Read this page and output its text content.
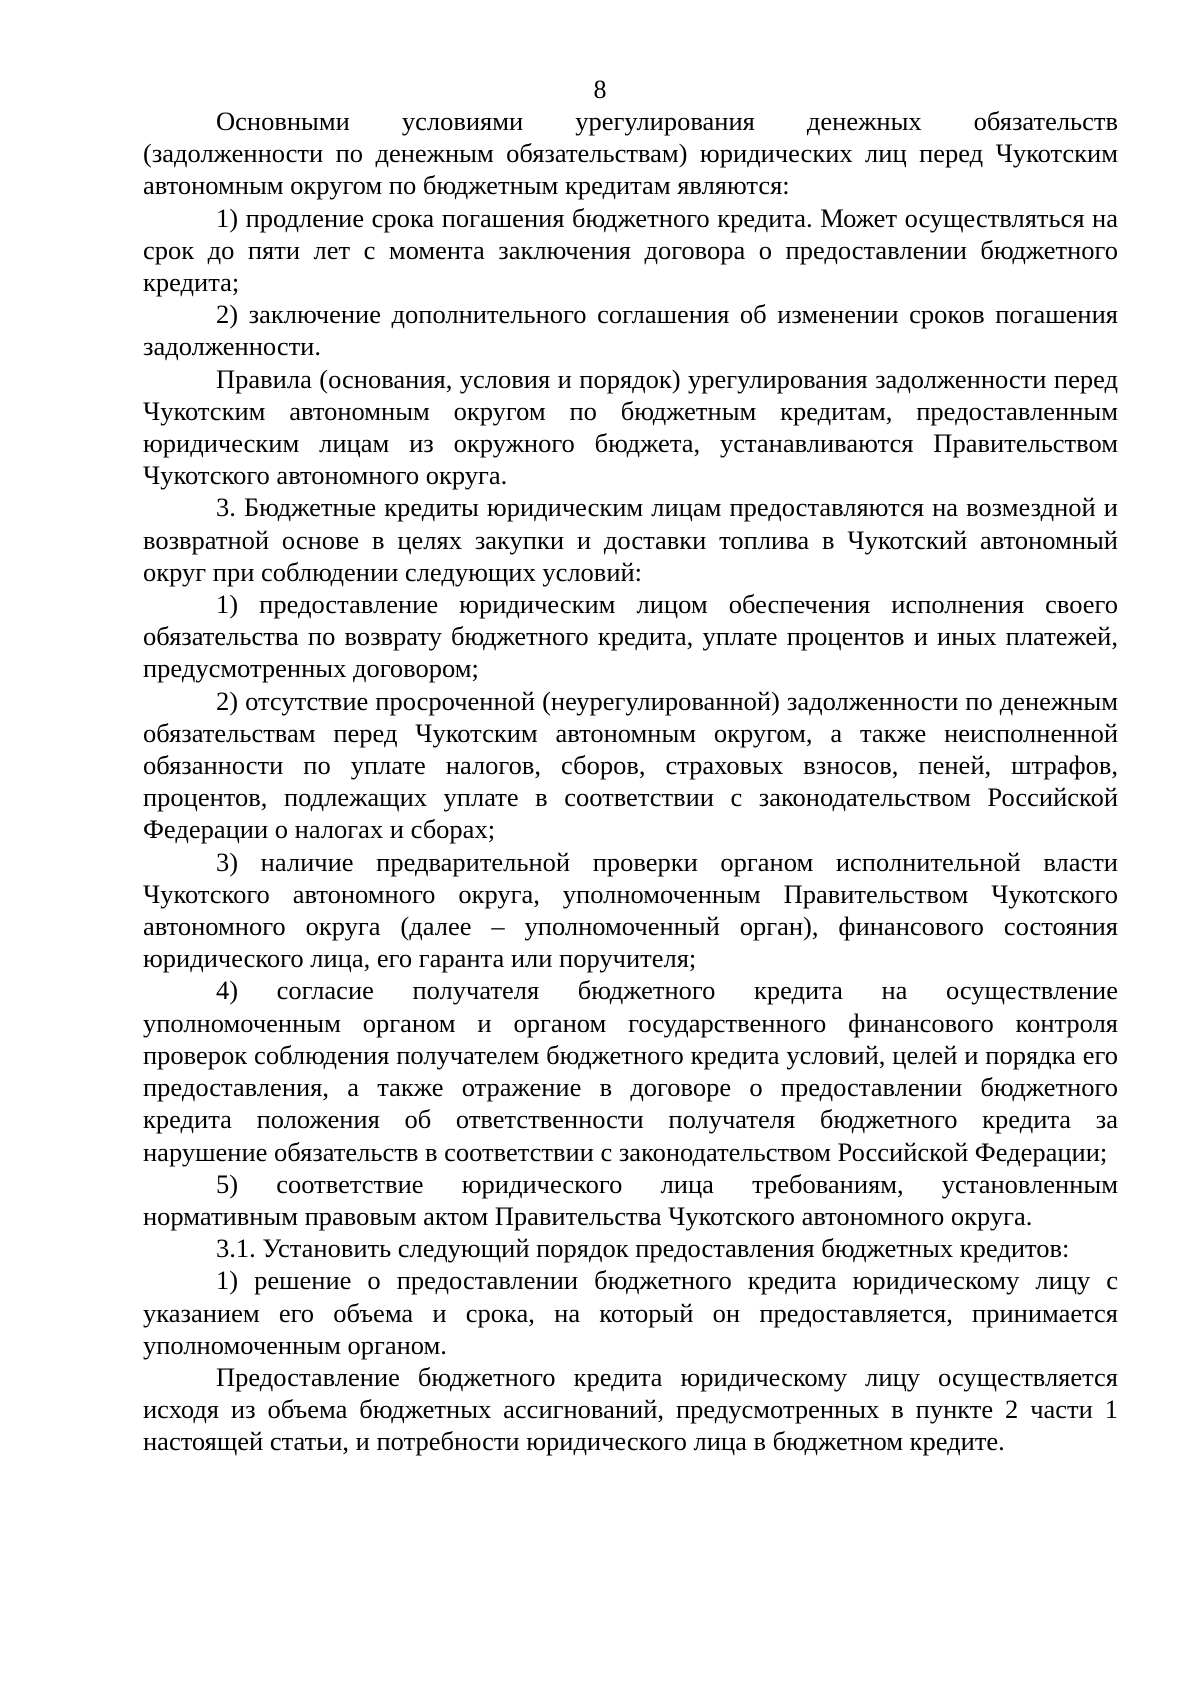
8

Основными условиями урегулирования денежных обязательств (задолженности по денежным обязательствам) юридических лиц перед Чукотским автономным округом по бюджетным кредитам являются:

1) продление срока погашения бюджетного кредита. Может осуществляться на срок до пяти лет с момента заключения договора о предоставлении бюджетного кредита;

2) заключение дополнительного соглашения об изменении сроков погашения задолженности.

Правила (основания, условия и порядок) урегулирования задолженности перед Чукотским автономным округом по бюджетным кредитам, предоставленным юридическим лицам из окружного бюджета, устанавливаются Правительством Чукотского автономного округа.

3. Бюджетные кредиты юридическим лицам предоставляются на возмездной и возвратной основе в целях закупки и доставки топлива в Чукотский автономный округ при соблюдении следующих условий:

1) предоставление юридическим лицом обеспечения исполнения своего обязательства по возврату бюджетного кредита, уплате процентов и иных платежей, предусмотренных договором;

2) отсутствие просроченной (неурегулированной) задолженности по денежным обязательствам перед Чукотским автономным округом, а также неисполненной обязанности по уплате налогов, сборов, страховых взносов, пеней, штрафов, процентов, подлежащих уплате в соответствии с законодательством Российской Федерации о налогах и сборах;

3) наличие предварительной проверки органом исполнительной власти Чукотского автономного округа, уполномоченным Правительством Чукотского автономного округа (далее – уполномоченный орган), финансового состояния юридического лица, его гаранта или поручителя;

4) согласие получателя бюджетного кредита на осуществление уполномоченным органом и органом государственного финансового контроля проверок соблюдения получателем бюджетного кредита условий, целей и порядка его предоставления, а также отражение в договоре о предоставлении бюджетного кредита положения об ответственности получателя бюджетного кредита за нарушение обязательств в соответствии с законодательством Российской Федерации;

5) соответствие юридического лица требованиям, установленным нормативным правовым актом Правительства Чукотского автономного округа.

3.1. Установить следующий порядок предоставления бюджетных кредитов:

1) решение о предоставлении бюджетного кредита юридическому лицу с указанием его объема и срока, на который он предоставляется, принимается уполномоченным органом.

Предоставление бюджетного кредита юридическому лицу осуществляется исходя из объема бюджетных ассигнований, предусмотренных в пункте 2 части 1 настоящей статьи, и потребности юридического лица в бюджетном кредите.
